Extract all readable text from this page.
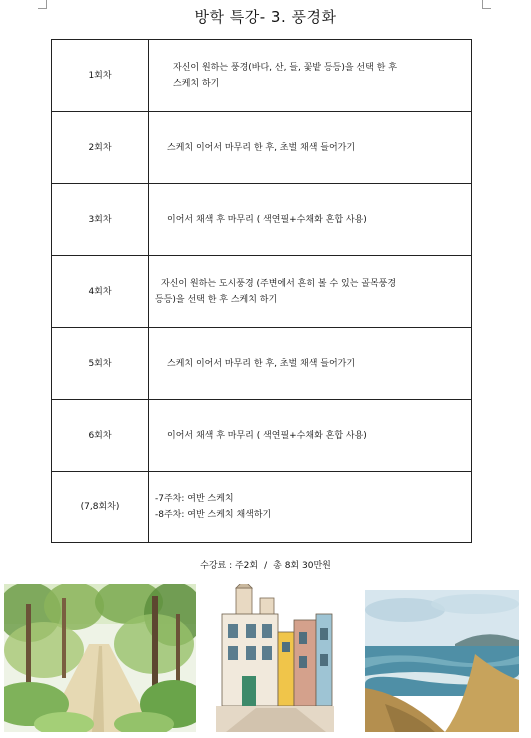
방학 특강- 3. 풍경화
1회차	자신이 원하는 풍경(바다, 산, 들, 꽃밭 등등)을 선택 한 후
스케치 하기

2회차	스케치 이어서 마무리 한 후, 초벌 채색 들어가기

3회차	이어서 채색 후 마무리 ( 색연필+수채화 혼합 사용)

4회차	자신이 원하는 도시풍경 (주변에서 흔히 볼 수 있는 골목풍경
등등)을 선택 한 후 스케치 하기

5회차	스케치 이어서 마무리 한 후, 초벌 채색 들어가기

6회차	이어서 채색 후 마무리 ( 색연필+수채화 혼합 사용)

(7,8회차)	-7주차: 여반 스케치
-8주차: 여반 스케치 채색하기
수강료 : 주2회 / 총 8회 30만원
